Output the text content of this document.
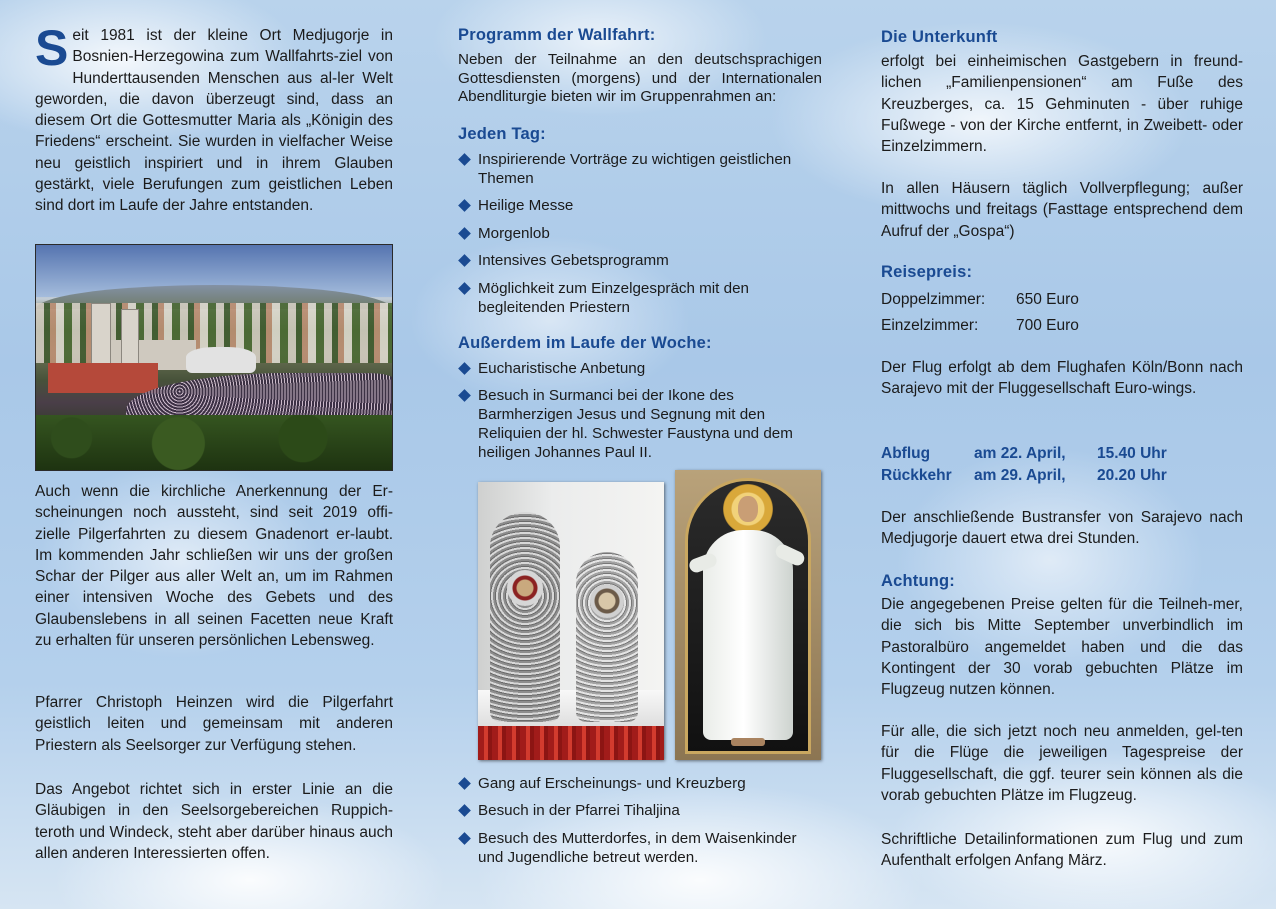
Seit 1981 ist der kleine Ort Medjugorje in Bosnien-Herzegowina zum Wallfahrts-ziel von Hunderttausenden Menschen aus al-ler Welt geworden, die davon überzeugt sind, dass an diesem Ort die Gottesmutter Maria als „Königin des Friedens“ erscheint. Sie wurden in vielfacher Weise neu geistlich inspiriert und in ihrem Glauben gestärkt, viele Berufungen zum geistlichen Leben sind dort im Laufe der Jahre entstanden.

Auch wenn die kirchliche Anerkennung der Er-scheinungen noch aussteht, sind seit 2019 offi-zielle Pilgerfahrten zu diesem Gnadenort er-laubt. Im kommenden Jahr schließen wir uns der großen Schar der Pilger aus aller Welt an, um im Rahmen einer intensiven Woche des Gebets und des Glaubenslebens in all seinen Facetten neue Kraft zu erhalten für unseren persönlichen Lebensweg.

Pfarrer Christoph Heinzen wird die Pilgerfahrt geistlich leiten und gemeinsam mit anderen Priestern als Seelsorger zur Verfügung stehen.

Das Angebot richtet sich in erster Linie an die Gläubigen in den Seelsorgebereichen Ruppich-teroth und Windeck, steht aber darüber hinaus auch allen anderen Interessierten offen.

Programm der Wallfahrt:

Neben der Teilnahme an den deutschsprachigen Gottesdiensten (morgens) und der Internationalen Abendliturgie bieten wir im Gruppenrahmen an:

Jeden Tag:
Inspirierende Vorträge zu wichtigen geistlichen Themen
Heilige Messe
Morgenlob
Intensives Gebetsprogramm
Möglichkeit zum Einzelgespräch mit den begleitenden Priestern
Außerdem im Laufe der Woche:
Eucharistische Anbetung
Besuch in Surmanci bei der Ikone des Barmherzigen Jesus und Segnung mit den Reliquien der hl. Schwester Faustyna und dem heiligen Johannes Paul II.
Gang auf Erscheinungs- und Kreuzberg
Besuch in der Pfarrei Tihaljina
Besuch des Mutterdorfes, in dem Waisenkinder und Jugendliche betreut werden.
Die Unterkunft

erfolgt bei einheimischen Gastgebern in freund-lichen „Familienpensionen“ am Fuße des Kreuzberges, ca. 15 Gehminuten - über ruhige Fußwege - von der Kirche entfernt, in Zweibett- oder Einzelzimmern.

In allen Häusern täglich Vollverpflegung; außer mittwochs und freitags (Fasttage entsprechend dem Aufruf der „Gospa“)

Reisepreis:
Doppelzimmer:	650 Euro
Einzelzimmer:	700 Euro

Der Flug erfolgt ab dem Flughafen Köln/Bonn nach Sarajevo mit der Fluggesellschaft Euro-wings.

Abflug	am 22. April,	15.40 Uhr
Rückkehr	am 29. April,	20.20 Uhr

Der anschließende Bustransfer von Sarajevo nach Medjugorje dauert etwa drei Stunden.

Achtung:

Die angegebenen Preise gelten für die Teilneh-mer, die sich bis Mitte September unverbindlich im Pastoralbüro angemeldet haben und die das Kontingent der 30 vorab gebuchten Plätze im Flugzeug nutzen können.

Für alle, die sich jetzt noch neu anmelden, gel-ten für die Flüge die jeweiligen Tagespreise der Fluggesellschaft, die ggf. teurer sein können als die vorab gebuchten Plätze im Flugzeug.

Schriftliche Detailinformationen zum Flug und zum Aufenthalt erfolgen Anfang März.
